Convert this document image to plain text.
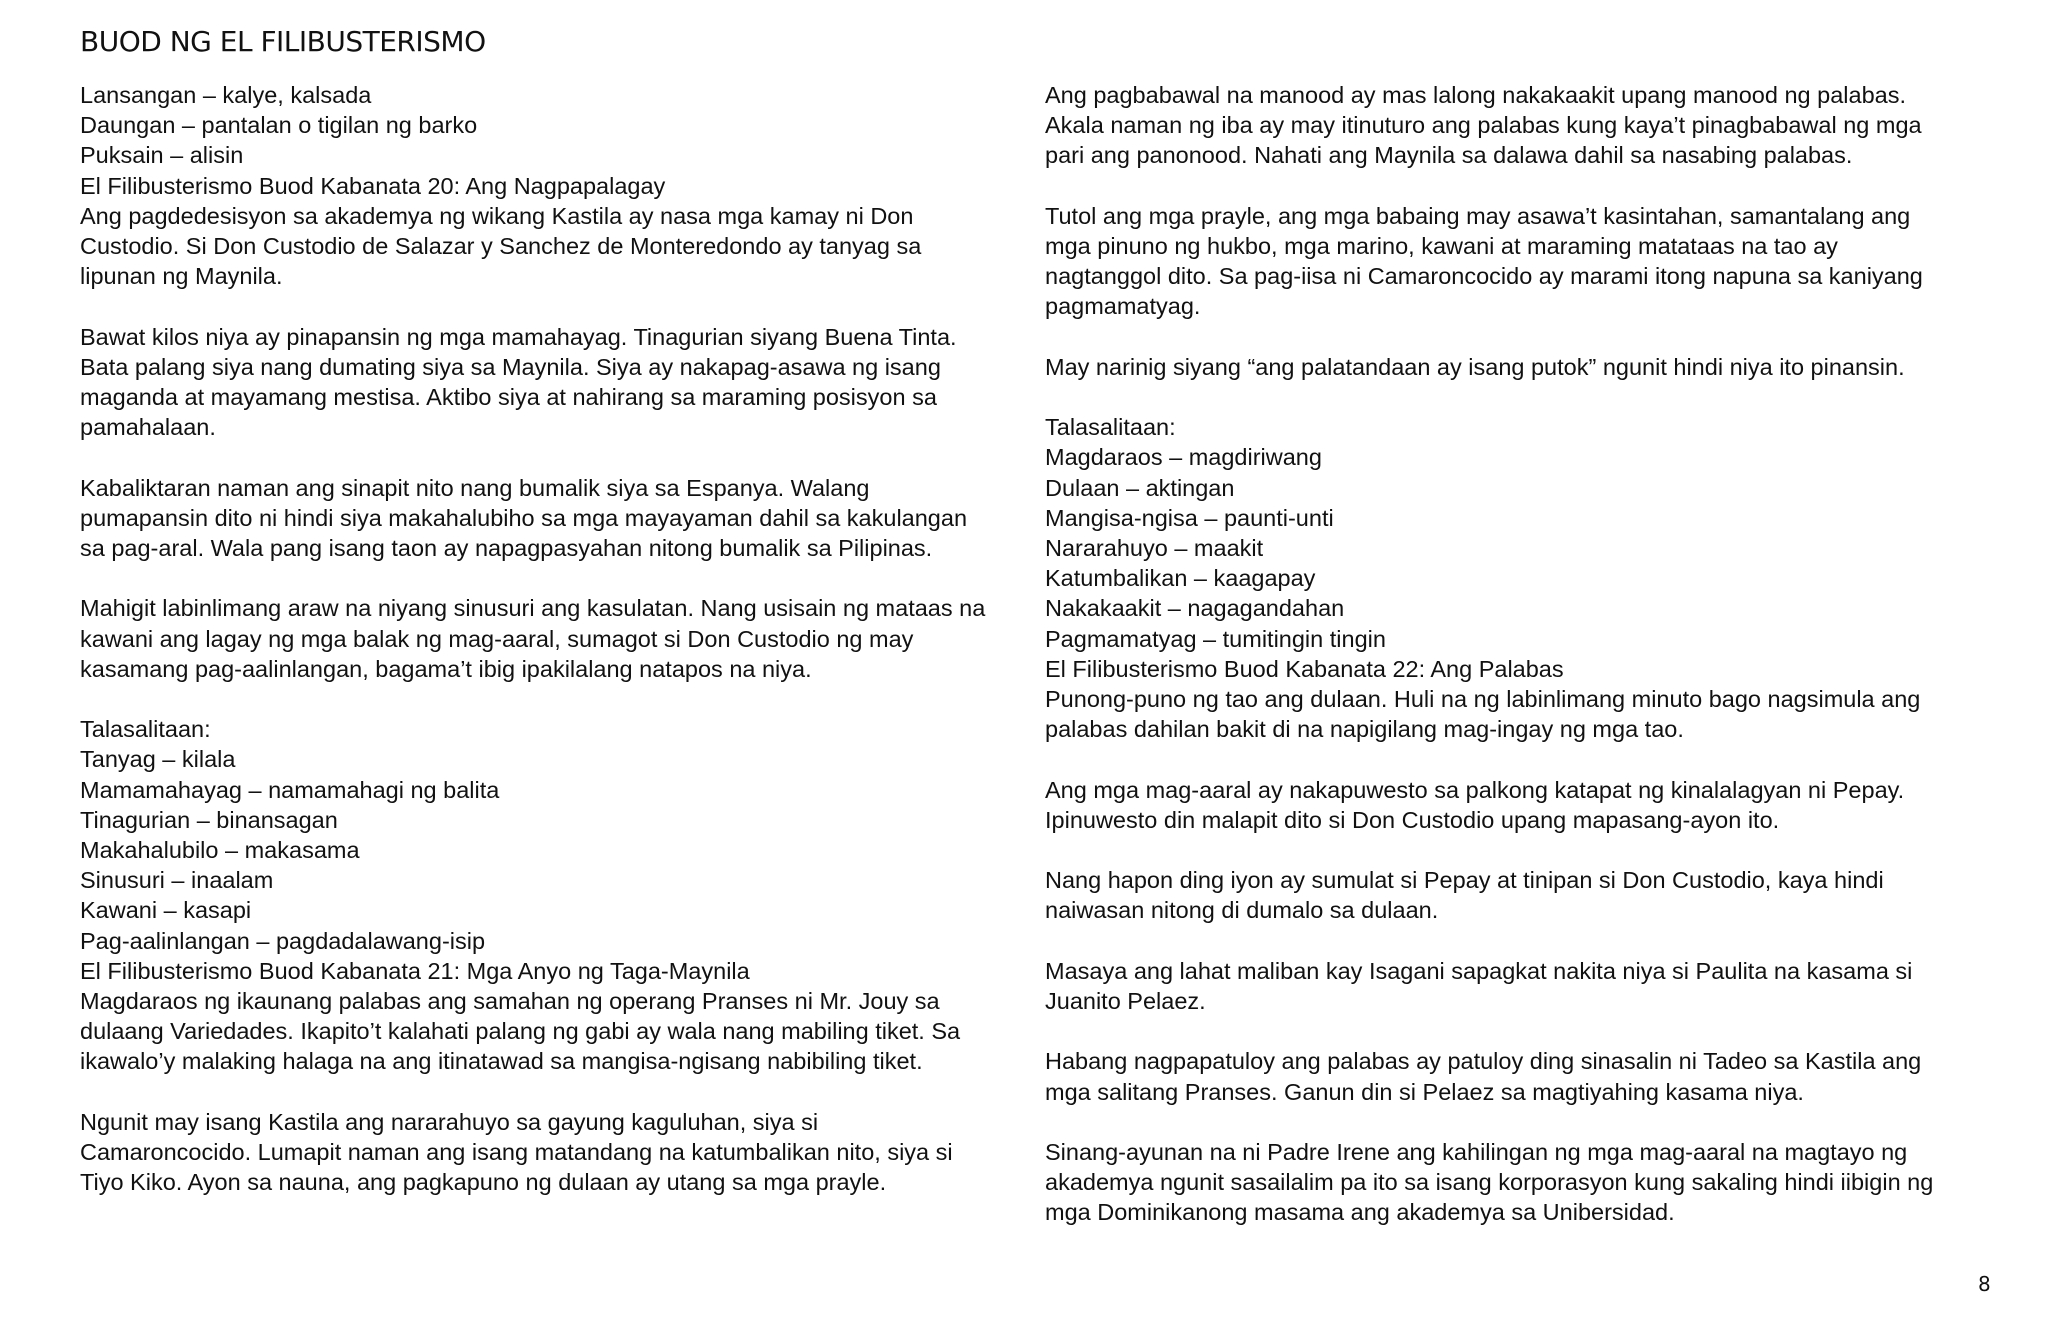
BUOD NG EL FILIBUSTERISMO

Lansangan – kalye, kalsada

Daungan – pantalan o tigilan ng barko

Puksain – alisin

El Filibusterismo Buod Kabanata 20: Ang Nagpapalagay

Ang pagdedesisyon sa akademya ng wikang Kastila ay nasa mga kamay ni Don

Custodio. Si Don Custodio de Salazar y Sanchez de Monteredondo ay tanyag sa

lipunan ng Maynila.

Bawat kilos niya ay pinapansin ng mga mamahayag. Tinagurian siyang Buena Tinta.

Bata palang siya nang dumating siya sa Maynila. Siya ay nakapag-asawa ng isang

maganda at mayamang mestisa. Aktibo siya at nahirang sa maraming posisyon sa

pamahalaan.

Kabaliktaran naman ang sinapit nito nang bumalik siya sa Espanya. Walang

pumapansin dito ni hindi siya makahalubiho sa mga mayayaman dahil sa kakulangan

sa pag-aral. Wala pang isang taon ay napagpasyahan nitong bumalik sa Pilipinas.

Mahigit labinlimang araw na niyang sinusuri ang kasulatan. Nang usisain ng mataas na

kawani ang lagay ng mga balak ng mag-aaral, sumagot si Don Custodio ng may

kasamang pag-aalinlangan, bagama’t ibig ipakilalang natapos na niya.

Talasalitaan:

Tanyag – kilala

Mamamahayag – namamahagi ng balita

Tinagurian – binansagan

Makahalubilo – makasama

Sinusuri – inaalam

Kawani – kasapi

Pag-aalinlangan – pagdadalawang-isip

El Filibusterismo Buod Kabanata 21: Mga Anyo ng Taga-Maynila

Magdaraos ng ikaunang palabas ang samahan ng operang Pranses ni Mr. Jouy sa

dulaang Variedades. Ikapito’t kalahati palang ng gabi ay wala nang mabiling tiket. Sa

ikawalo’y malaking halaga na ang itinatawad sa mangisa-ngisang nabibiling tiket.

Ngunit may isang Kastila ang nararahuyo sa gayung kaguluhan, siya si

Camaroncocido. Lumapit naman ang isang matandang na katumbalikan nito, siya si

Tiyo Kiko. Ayon sa nauna, ang pagkapuno ng dulaan ay utang sa mga prayle.

Ang pagbabawal na manood ay mas lalong nakakaakit upang manood ng palabas.

Akala naman ng iba ay may itinuturo ang palabas kung kaya’t pinagbabawal ng mga

pari ang panonood. Nahati ang Maynila sa dalawa dahil sa nasabing palabas.

Tutol ang mga prayle, ang mga babaing may asawa’t kasintahan, samantalang ang

mga pinuno ng hukbo, mga marino, kawani at maraming matataas na tao ay

nagtanggol dito. Sa pag-iisa ni Camaroncocido ay marami itong napuna sa kaniyang

pagmamatyag.

May narinig siyang “ang palatandaan ay isang putok” ngunit hindi niya ito pinansin.

Talasalitaan:

Magdaraos – magdiriwang

Dulaan – aktingan

Mangisa-ngisa – paunti-unti

Nararahuyo – maakit

Katumbalikan – kaagapay

Nakakaakit – nagagandahan

Pagmamatyag – tumitingin tingin

El Filibusterismo Buod Kabanata 22: Ang Palabas

Punong-puno ng tao ang dulaan. Huli na ng labinlimang minuto bago nagsimula ang

palabas dahilan bakit di na napigilang mag-ingay ng mga tao.

Ang mga mag-aaral ay nakapuwesto sa palkong katapat ng kinalalagyan ni Pepay.

Ipinuwesto din malapit dito si Don Custodio upang mapasang-ayon ito.

Nang hapon ding iyon ay sumulat si Pepay at tinipan si Don Custodio, kaya hindi

naiwasan nitong di dumalo sa dulaan.

Masaya ang lahat maliban kay Isagani sapagkat nakita niya si Paulita na kasama si

Juanito Pelaez.

Habang nagpapatuloy ang palabas ay patuloy ding sinasalin ni Tadeo sa Kastila ang

mga salitang Pranses. Ganun din si Pelaez sa magtiyahing kasama niya.

Sinang-ayunan na ni Padre Irene ang kahilingan ng mga mag-aaral na magtayo ng

akademya ngunit sasailalim pa ito sa isang korporasyon kung sakaling hindi iibigin ng

mga Dominikanong masama ang akademya sa Unibersidad.

8
